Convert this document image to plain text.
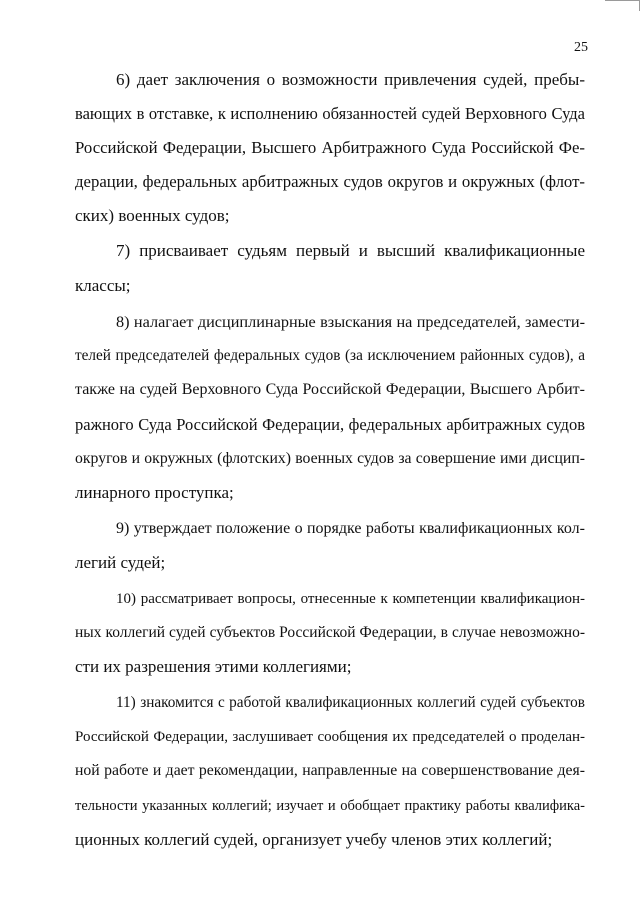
25
6) дает заключения о возможности привлечения судей, пребы-
вающих в отставке, к исполнению обязанностей судей Верховного Суда
Российской Федерации, Высшего Арбитражного Суда Российской Фе-
дерации, федеральных арбитражных судов округов и окружных (флот-
ских) военных судов;
7) присваивает судьям первый и высший квалификационные
классы;
8) налагает дисциплинарные взыскания на председателей, замести-
телей председателей федеральных судов (за исключением районных судов), а
также на судей Верховного Суда Российской Федерации, Высшего Арбит-
ражного Суда Российской Федерации, федеральных арбитражных судов
округов и окружных (флотских) военных судов за совершение ими дисцип-
линарного проступка;
9) утверждает положение о порядке работы квалификационных кол-
легий судей;
10) рассматривает вопросы, отнесенные к компетенции квалификацион-
ных коллегий судей субъектов Российской Федерации, в случае невозможно-
сти их разрешения этими коллегиями;
11) знакомится с работой квалификационных коллегий судей субъектов
Российской Федерации, заслушивает сообщения их председателей о проделан-
ной работе и дает рекомендации, направленные на совершенствование дея-
тельности указанных коллегий; изучает и обобщает практику работы квалифика-
ционных коллегий судей, организует учебу членов этих коллегий;
